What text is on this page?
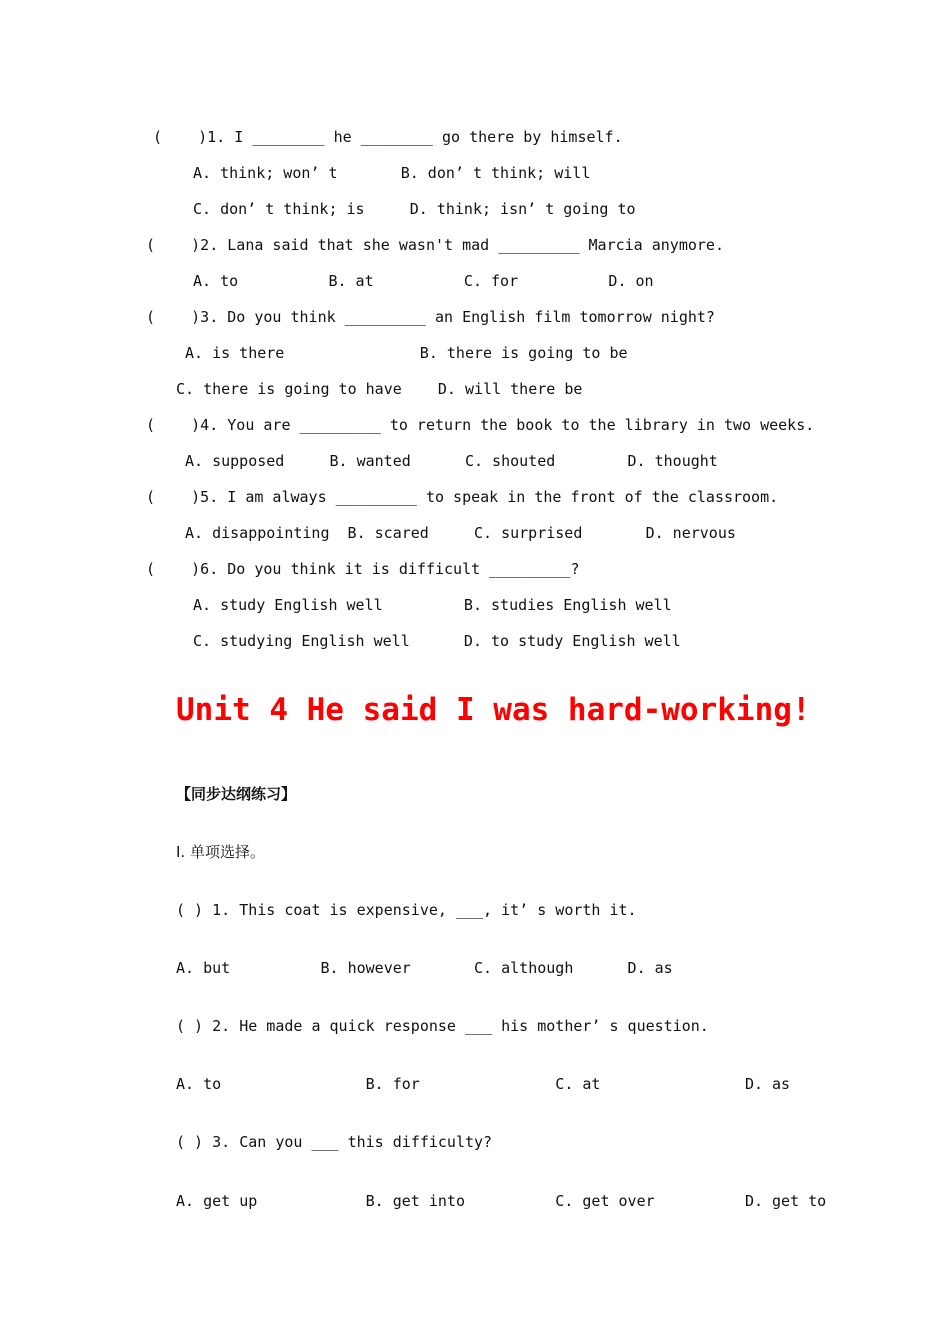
(    )1. I ________ he ________ go there by himself.
A. think; won’ t       B. don’ t think; will
C. don’ t think; is     D. think; isn’ t going to
(    )2. Lana said that she wasn't mad _________ Marcia anymore.
A. to          B. at          C. for          D. on
(    )3. Do you think _________ an English film tomorrow night?
A. is there               B. there is going to be
C. there is going to have    D. will there be
(    )4. You are _________ to return the book to the library in two weeks.
A. supposed     B. wanted      C. shouted        D. thought
(    )5. I am always _________ to speak in the front of the classroom.
A. disappointing  B. scared     C. surprised       D. nervous
(    )6. Do you think it is difficult _________?
A. study English well         B. studies English well
C. studying English well      D. to study English well
Unit 4 He said I was hard-working!
【同步达纲练习】
Ⅰ. 单项选择。
( ) 1. This coat is expensive, ___, it’ s worth it.
A. but          B. however       C. although      D. as
( ) 2. He made a quick response ___ his mother’ s question.
A. to                B. for               C. at                D. as
( ) 3. Can you ___ this difficulty?
A. get up            B. get into          C. get over          D. get to
